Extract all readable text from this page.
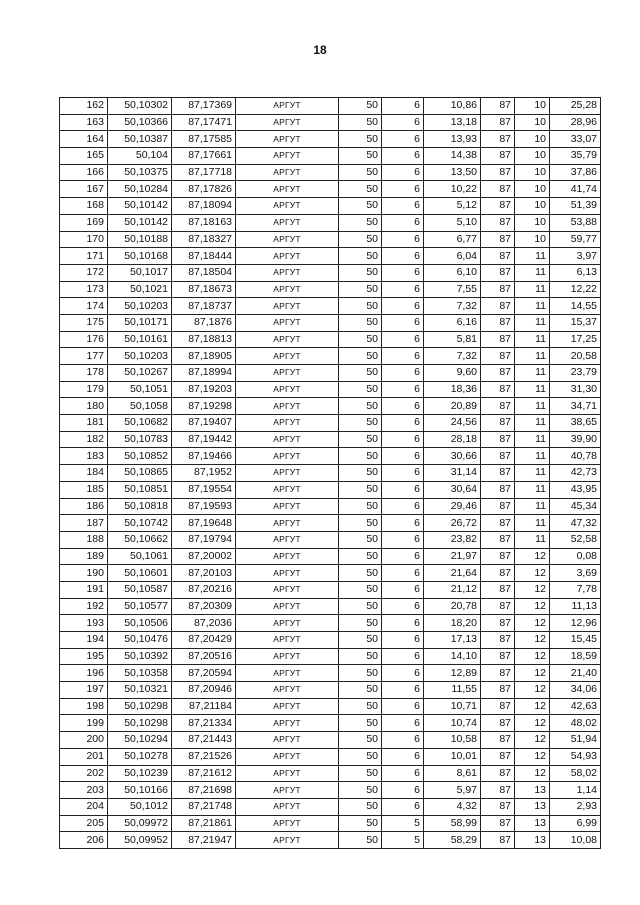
18
162	50,10302	87,17369	АРГУТ	50	6	10,86	87	10	25,28
163	50,10366	87,17471	АРГУТ	50	6	13,18	87	10	28,96
164	50,10387	87,17585	АРГУТ	50	6	13,93	87	10	33,07
165	50,104	87,17661	АРГУТ	50	6	14,38	87	10	35,79
166	50,10375	87,17718	АРГУТ	50	6	13,50	87	10	37,86
167	50,10284	87,17826	АРГУТ	50	6	10,22	87	10	41,74
168	50,10142	87,18094	АРГУТ	50	6	5,12	87	10	51,39
169	50,10142	87,18163	АРГУТ	50	6	5,10	87	10	53,88
170	50,10188	87,18327	АРГУТ	50	6	6,77	87	10	59,77
171	50,10168	87,18444	АРГУТ	50	6	6,04	87	11	3,97
172	50,1017	87,18504	АРГУТ	50	6	6,10	87	11	6,13
173	50,1021	87,18673	АРГУТ	50	6	7,55	87	11	12,22
174	50,10203	87,18737	АРГУТ	50	6	7,32	87	11	14,55
175	50,10171	87,1876	АРГУТ	50	6	6,16	87	11	15,37
176	50,10161	87,18813	АРГУТ	50	6	5,81	87	11	17,25
177	50,10203	87,18905	АРГУТ	50	6	7,32	87	11	20,58
178	50,10267	87,18994	АРГУТ	50	6	9,60	87	11	23,79
179	50,1051	87,19203	АРГУТ	50	6	18,36	87	11	31,30
180	50,1058	87,19298	АРГУТ	50	6	20,89	87	11	34,71
181	50,10682	87,19407	АРГУТ	50	6	24,56	87	11	38,65
182	50,10783	87,19442	АРГУТ	50	6	28,18	87	11	39,90
183	50,10852	87,19466	АРГУТ	50	6	30,66	87	11	40,78
184	50,10865	87,1952	АРГУТ	50	6	31,14	87	11	42,73
185	50,10851	87,19554	АРГУТ	50	6	30,64	87	11	43,95
186	50,10818	87,19593	АРГУТ	50	6	29,46	87	11	45,34
187	50,10742	87,19648	АРГУТ	50	6	26,72	87	11	47,32
188	50,10662	87,19794	АРГУТ	50	6	23,82	87	11	52,58
189	50,1061	87,20002	АРГУТ	50	6	21,97	87	12	0,08
190	50,10601	87,20103	АРГУТ	50	6	21,64	87	12	3,69
191	50,10587	87,20216	АРГУТ	50	6	21,12	87	12	7,78
192	50,10577	87,20309	АРГУТ	50	6	20,78	87	12	11,13
193	50,10506	87,2036	АРГУТ	50	6	18,20	87	12	12,96
194	50,10476	87,20429	АРГУТ	50	6	17,13	87	12	15,45
195	50,10392	87,20516	АРГУТ	50	6	14,10	87	12	18,59
196	50,10358	87,20594	АРГУТ	50	6	12,89	87	12	21,40
197	50,10321	87,20946	АРГУТ	50	6	11,55	87	12	34,06
198	50,10298	87,21184	АРГУТ	50	6	10,71	87	12	42,63
199	50,10298	87,21334	АРГУТ	50	6	10,74	87	12	48,02
200	50,10294	87,21443	АРГУТ	50	6	10,58	87	12	51,94
201	50,10278	87,21526	АРГУТ	50	6	10,01	87	12	54,93
202	50,10239	87,21612	АРГУТ	50	6	8,61	87	12	58,02
203	50,10166	87,21698	АРГУТ	50	6	5,97	87	13	1,14
204	50,1012	87,21748	АРГУТ	50	6	4,32	87	13	2,93
205	50,09972	87,21861	АРГУТ	50	5	58,99	87	13	6,99
206	50,09952	87,21947	АРГУТ	50	5	58,29	87	13	10,08
